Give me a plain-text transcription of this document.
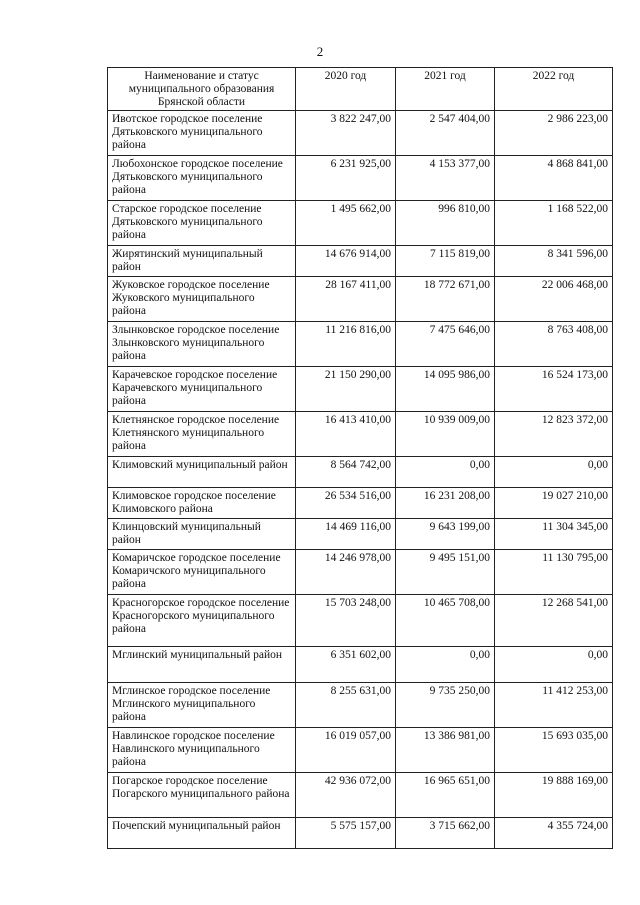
2
Наименование и статус муниципального образования Брянской области	2020 год	2021 год	2022 год
Ивотское городское поселение Дятьковского муниципального района	3 822 247,00	2 547 404,00	2 986 223,00
Любохонское городское поселение Дятьковского муниципального района	6 231 925,00	4 153 377,00	4 868 841,00
Старское городское поселение Дятьковского муниципального района	1 495 662,00	996 810,00	1 168 522,00
Жирятинский муниципальный район	14 676 914,00	7 115 819,00	8 341 596,00
Жуковское городское поселение Жуковского муниципального района	28 167 411,00	18 772 671,00	22 006 468,00
Злынковское городское поселение Злынковского муниципального района	11 216 816,00	7 475 646,00	8 763 408,00
Карачевское городское поселение Карачевского муниципального района	21 150 290,00	14 095 986,00	16 524 173,00
Клетнянское городское поселение Клетнянского муниципального района	16 413 410,00	10 939 009,00	12 823 372,00
Климовский муниципальный район	8 564 742,00	0,00	0,00
Климовское городское поселение Климовского района	26 534 516,00	16 231 208,00	19 027 210,00
Клинцовский муниципальный район	14 469 116,00	9 643 199,00	11 304 345,00
Комаричское городское поселение Комаричского муниципального района	14 246 978,00	9 495 151,00	11 130 795,00
Красногорское городское поселение Красногорского муниципального района	15 703 248,00	10 465 708,00	12 268 541,00
Мглинский муниципальный район	6 351 602,00	0,00	0,00
Мглинское городское поселение Мглинского муниципального района	8 255 631,00	9 735 250,00	11 412 253,00
Навлинское городское поселение Навлинского муниципального района	16 019 057,00	13 386 981,00	15 693 035,00
Погарское городское поселение Погарского муниципального района	42 936 072,00	16 965 651,00	19 888 169,00
Почепский муниципальный район	5 575 157,00	3 715 662,00	4 355 724,00
